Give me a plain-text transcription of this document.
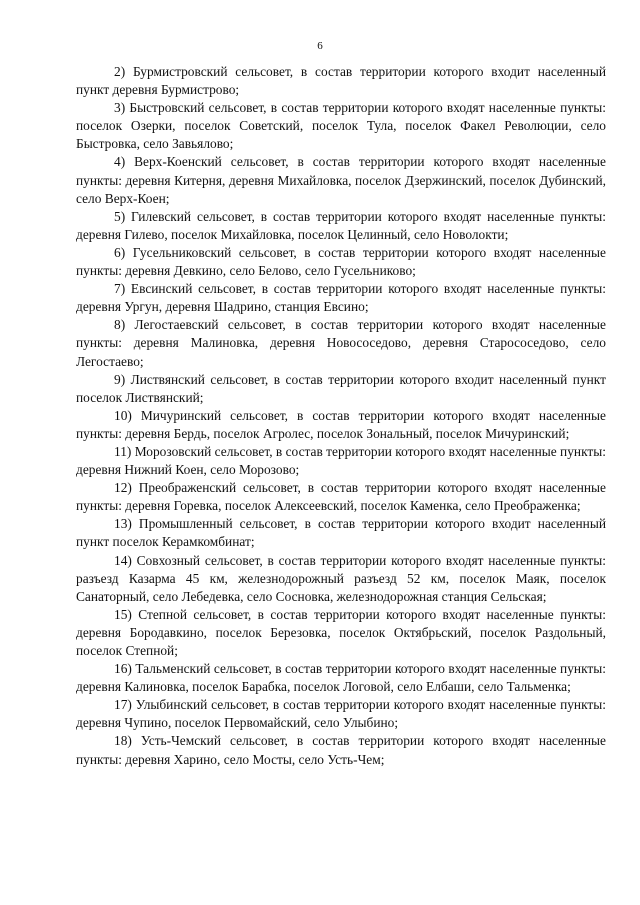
6

2) Бурмистровский сельсовет, в состав территории которого входит населенный пункт деревня Бурмистрово;

3) Быстровский сельсовет, в состав территории которого входят населенные пункты: поселок Озерки, поселок Советский, поселок Тула, поселок Факел Революции, село Быстровка, село Завьялово;

4) Верх-Коенский сельсовет, в состав территории которого входят населенные пункты: деревня Китерня, деревня Михайловка, поселок Дзержинский, поселок Дубинский, село Верх-Коен;

5) Гилевский сельсовет, в состав территории которого входят населенные пункты: деревня Гилево, поселок Михайловка, поселок Целинный, село Новолокти;

6) Гусельниковский сельсовет, в состав территории которого входят населенные пункты: деревня Девкино, село Белово, село Гусельниково;

7) Евсинский сельсовет, в состав территории которого входят населенные пункты: деревня Ургун, деревня Шадрино, станция Евсино;

8) Легостаевский сельсовет, в состав территории которого входят населенные пункты: деревня Малиновка, деревня Новососедово, деревня Старососедово, село Легостаево;

9) Листвянский сельсовет, в состав территории которого входит населенный пункт поселок Листвянский;

10) Мичуринский сельсовет, в состав территории которого входят населенные пункты: деревня Бердь, поселок Агролес, поселок Зональный, поселок Мичуринский;

11) Морозовский сельсовет, в состав территории которого входят населенные пункты: деревня Нижний Коен, село Морозово;

12) Преображенский сельсовет, в состав территории которого входят населенные пункты: деревня Горевка, поселок Алексеевский, поселок Каменка, село Преображенка;

13) Промышленный сельсовет, в состав территории которого входит населенный пункт поселок Керамкомбинат;

14) Совхозный сельсовет, в состав территории которого входят населенные пункты: разъезд Казарма 45 км, железнодорожный разъезд 52 км, поселок Маяк, поселок Санаторный, село Лебедевка, село Сосновка, железнодорожная станция Сельская;

15) Степной сельсовет, в состав территории которого входят населенные пункты: деревня Бородавкино, поселок Березовка, поселок Октябрьский, поселок Раздольный, поселок Степной;

16) Тальменский сельсовет, в состав территории которого входят населенные пункты: деревня Калиновка, поселок Барабка, поселок Логовой, село Елбаши, село Тальменка;

17) Улыбинский сельсовет, в состав территории которого входят населенные пункты: деревня Чупино, поселок Первомайский, село Улыбино;

18) Усть-Чемский сельсовет, в состав территории которого входят населенные пункты: деревня Харино, село Мосты, село Усть-Чем;
